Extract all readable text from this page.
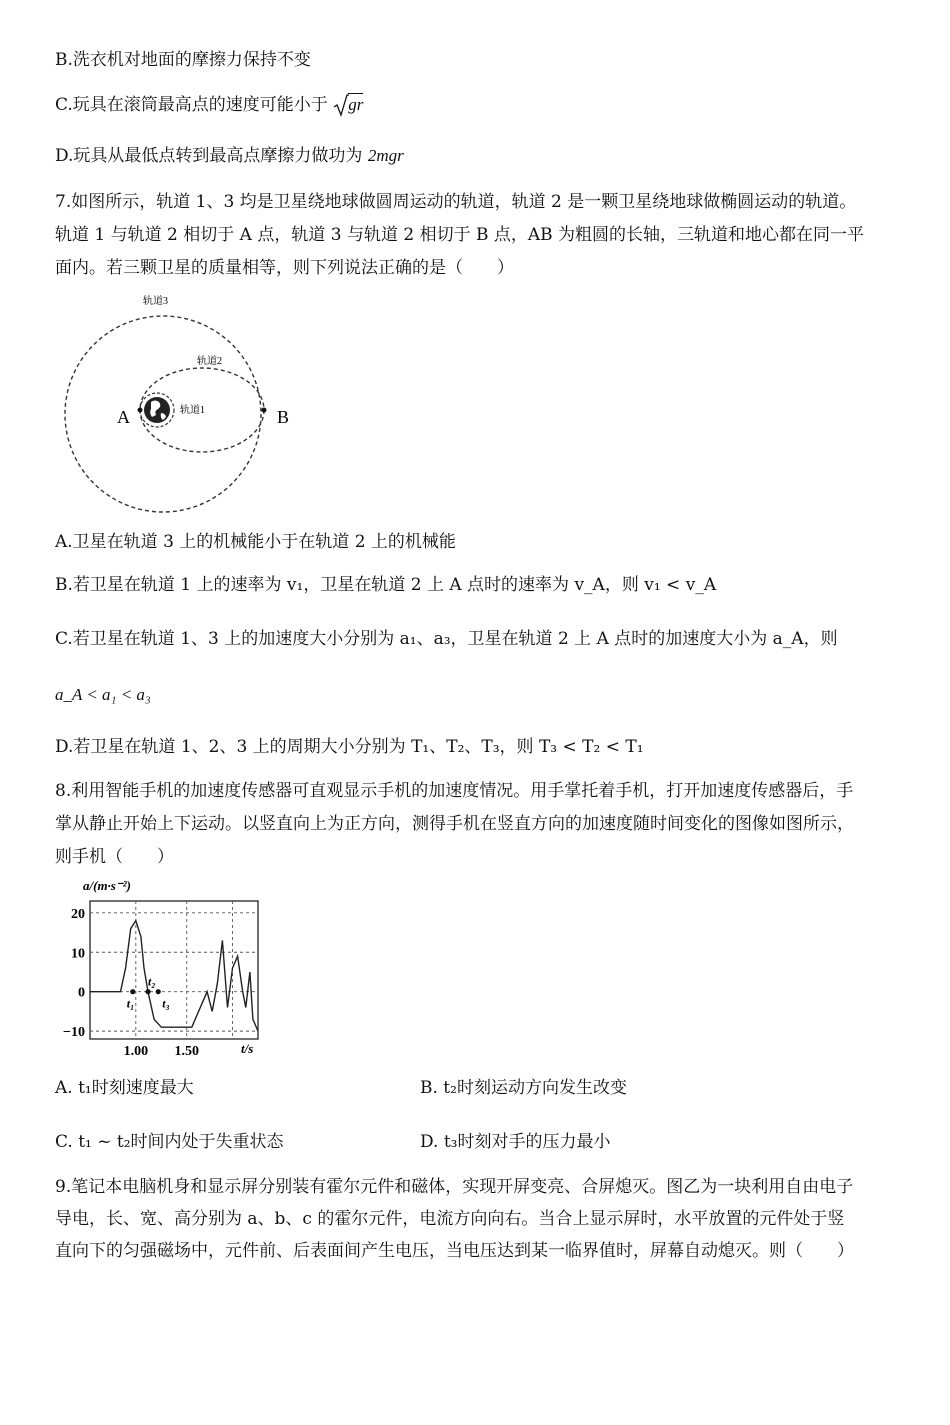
B.洗衣机对地面的摩擦力保持不变
C.玩具在滚筒最高点的速度可能小于 gr
D.玩具从最低点转到最高点摩擦力做功为 2mgr
7.如图所示，轨道 1、3 均是卫星绕地球做圆周运动的轨道，轨道 2 是一颗卫星绕地球做椭圆运动的轨道。
轨道 1 与轨道 2 相切于 A 点，轨道 3 与轨道 2 相切于 B 点，AB 为粗圆的长轴，三轨道和地心都在同一平
面内。若三颗卫星的质量相等，则下列说法正确的是（　　）
轨道3
轨道2
轨道1
A	B
A.卫星在轨道 3 上的机械能小于在轨道 2 上的机械能
B.若卫星在轨道 1 上的速率为 v₁，卫星在轨道 2 上 A 点时的速率为 v_A，则 v₁ < v_A
C.若卫星在轨道 1、3 上的加速度大小分别为 a₁、a₃，卫星在轨道 2 上 A 点时的加速度大小为 a_A，则
a_A < a₁ < a₃
D.若卫星在轨道 1、2、3 上的周期大小分别为 T₁、T₂、T₃，则 T₃ < T₂ < T₁
8.利用智能手机的加速度传感器可直观显示手机的加速度情况。用手掌托着手机，打开加速度传感器后，手
掌从静止开始上下运动。以竖直向上为正方向，测得手机在竖直方向的加速度随时间变化的图像如图所示，
则手机（　　）
a/(m·s⁻²)
t/s
20
10
0
−10
1.00 1.50
t₁
t₂
t₃
A. t₁时刻速度最大	B. t₂时刻运动方向发生改变
C. t₁ ~ t₂时间内处于失重状态	D. t₃时刻对手的压力最小
9.笔记本电脑机身和显示屏分别装有霍尔元件和磁体，实现开屏变亮、合屏熄灭。图乙为一块利用自由电子
导电，长、宽、高分别为 a、b、c 的霍尔元件，电流方向向右。当合上显示屏时，水平放置的元件处于竖
直向下的匀强磁场中，元件前、后表面间产生电压，当电压达到某一临界值时，屏幕自动熄灭。则（　　）
